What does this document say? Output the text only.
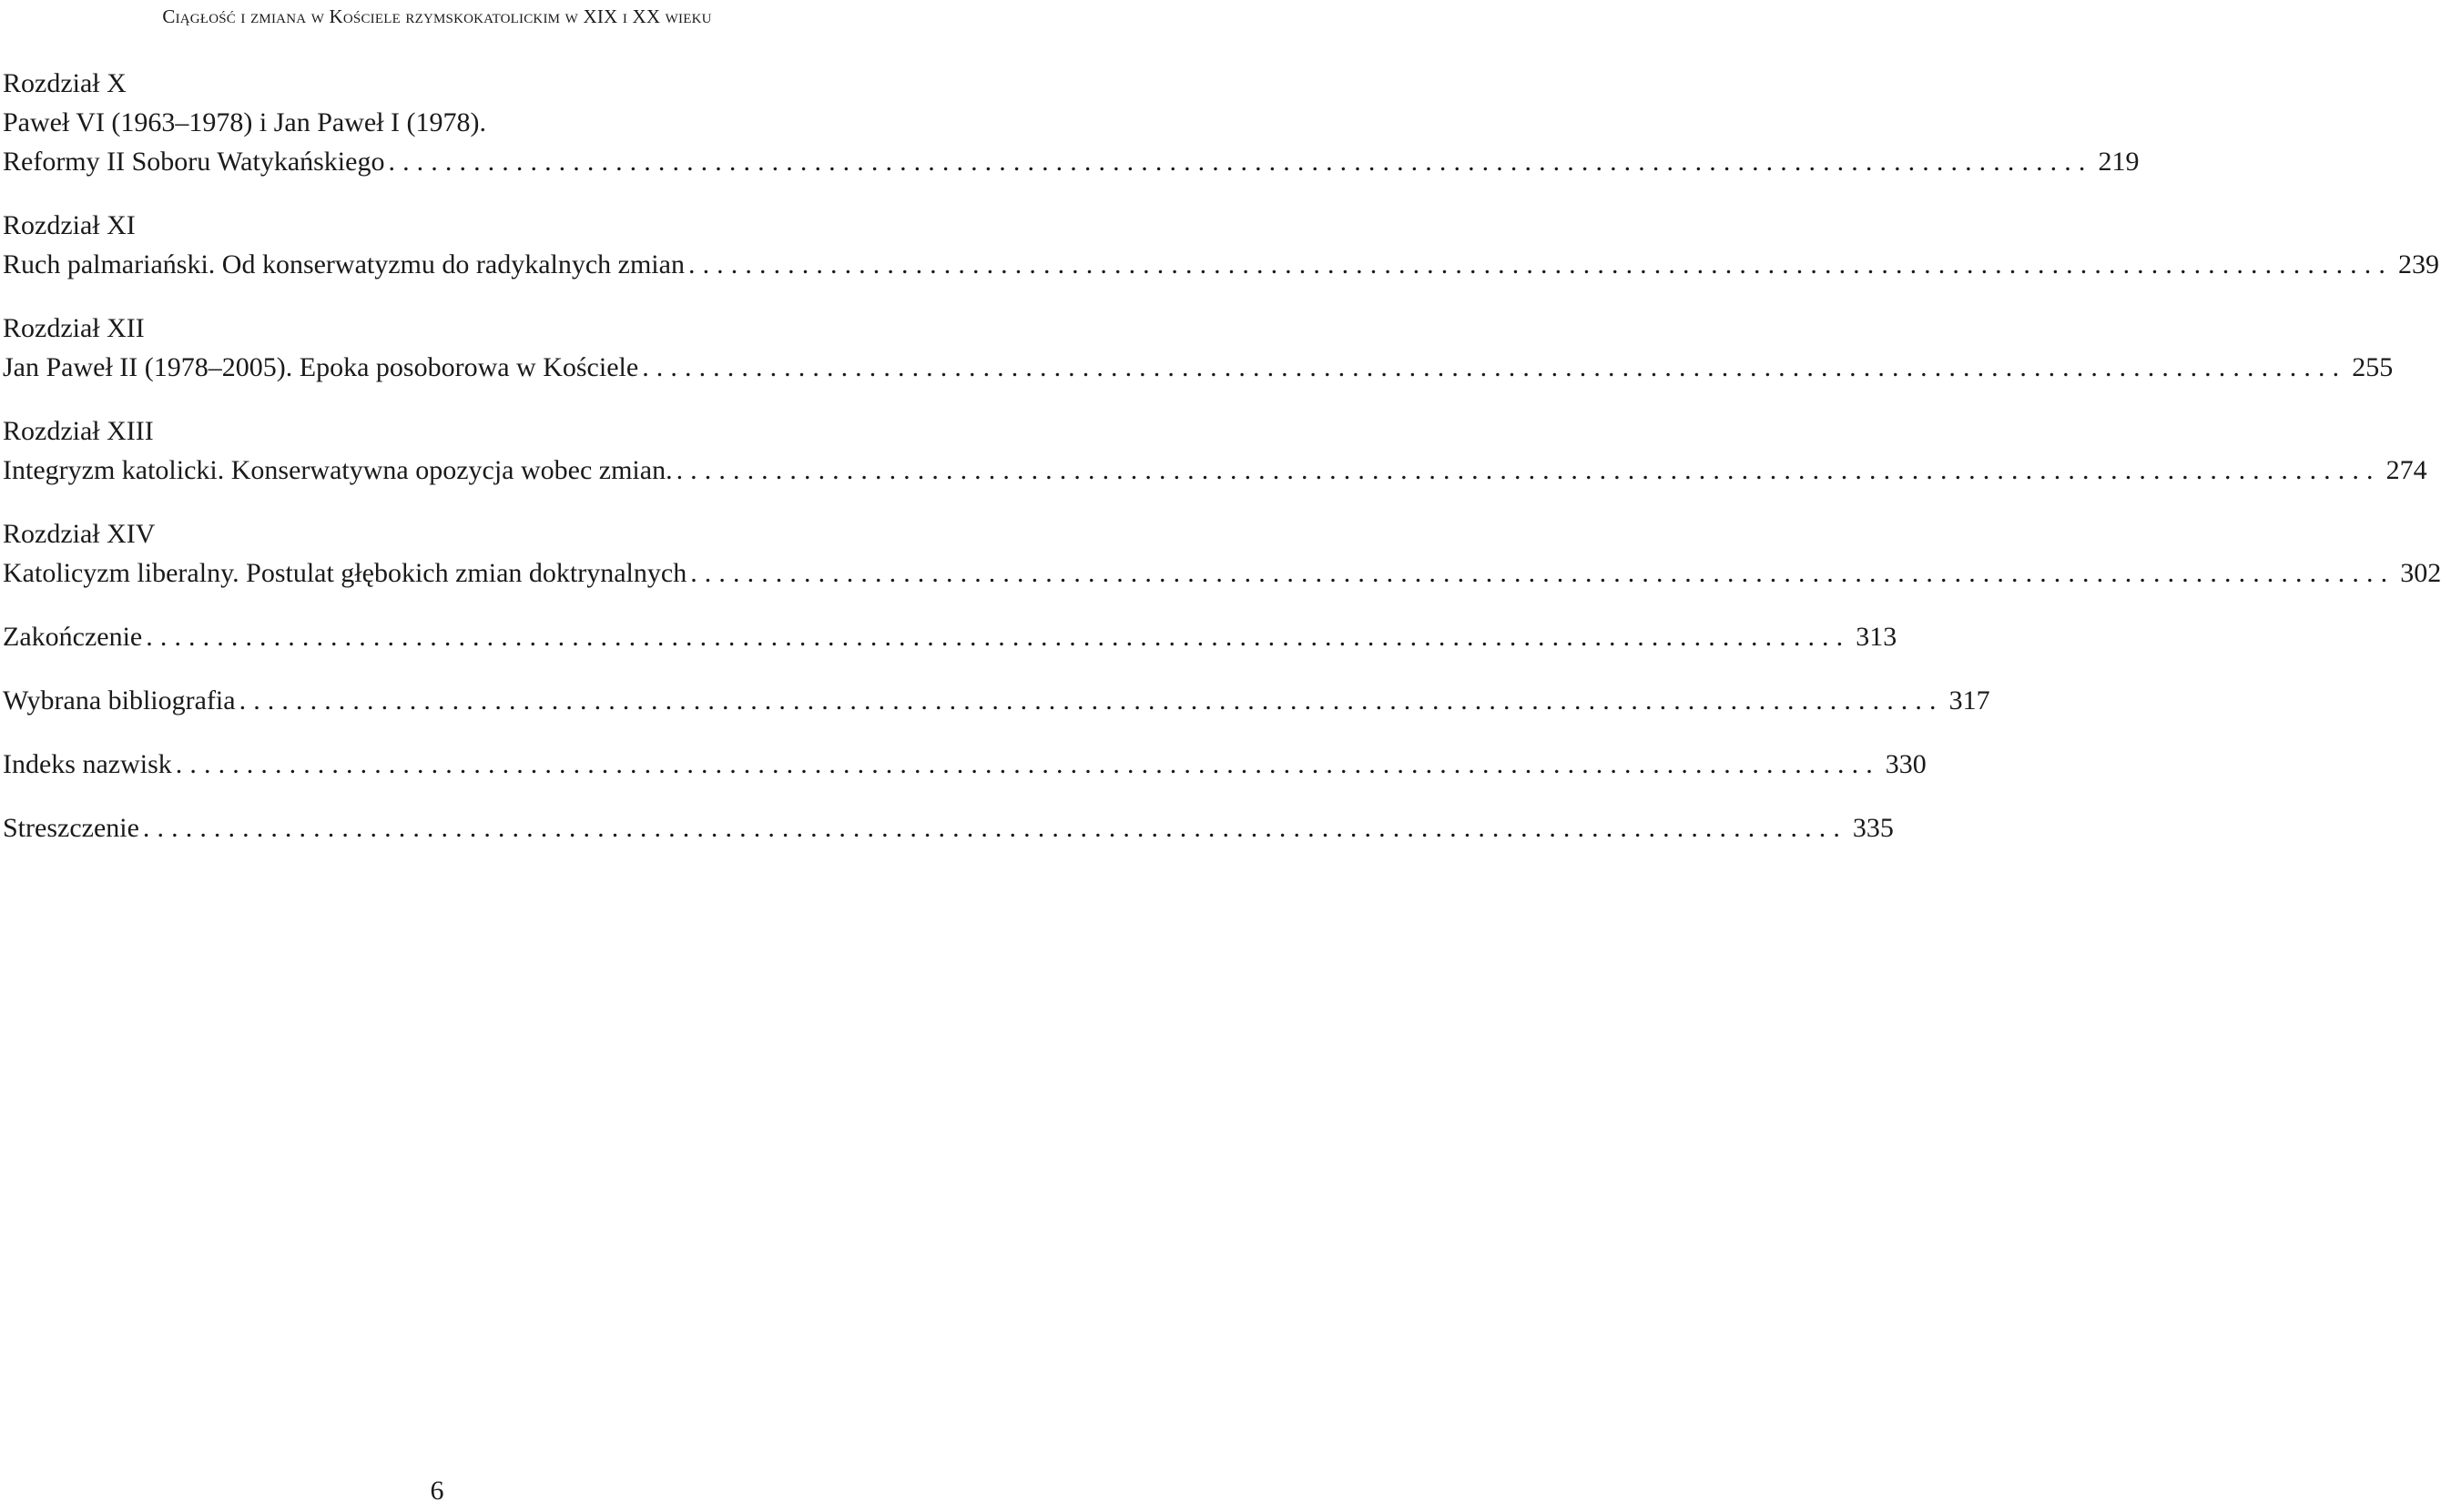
Ciągłość i zmiana w Kościele rzymskokatolickim w XIX i XX wieku
Rozdział X
Paweł VI (1963–1978) i Jan Paweł I (1978).
Reformy II Soboru Watykańskiego ........................................................................................................................ 219
Rozdział XI
Ruch palmariański. Od konserwatyzmu do radykalnych zmian ........................................................................................................................ 239
Rozdział XII
Jan Paweł II (1978–2005). Epoka posoborowa w Kościele ........................................................................................................................ 255
Rozdział XIII
Integryzm katolicki. Konserwatywna opozycja wobec zmian. ........................................................................................................................ 274
Rozdział XIV
Katolicyzm liberalny. Postulat głębokich zmian doktrynalnych ........................................................................................................................ 302
Zakończenie ........................................................................................................................ 313
Wybrana bibliografia ........................................................................................................................ 317
Indeks nazwisk ........................................................................................................................ 330
Streszczenie ........................................................................................................................ 335
6
